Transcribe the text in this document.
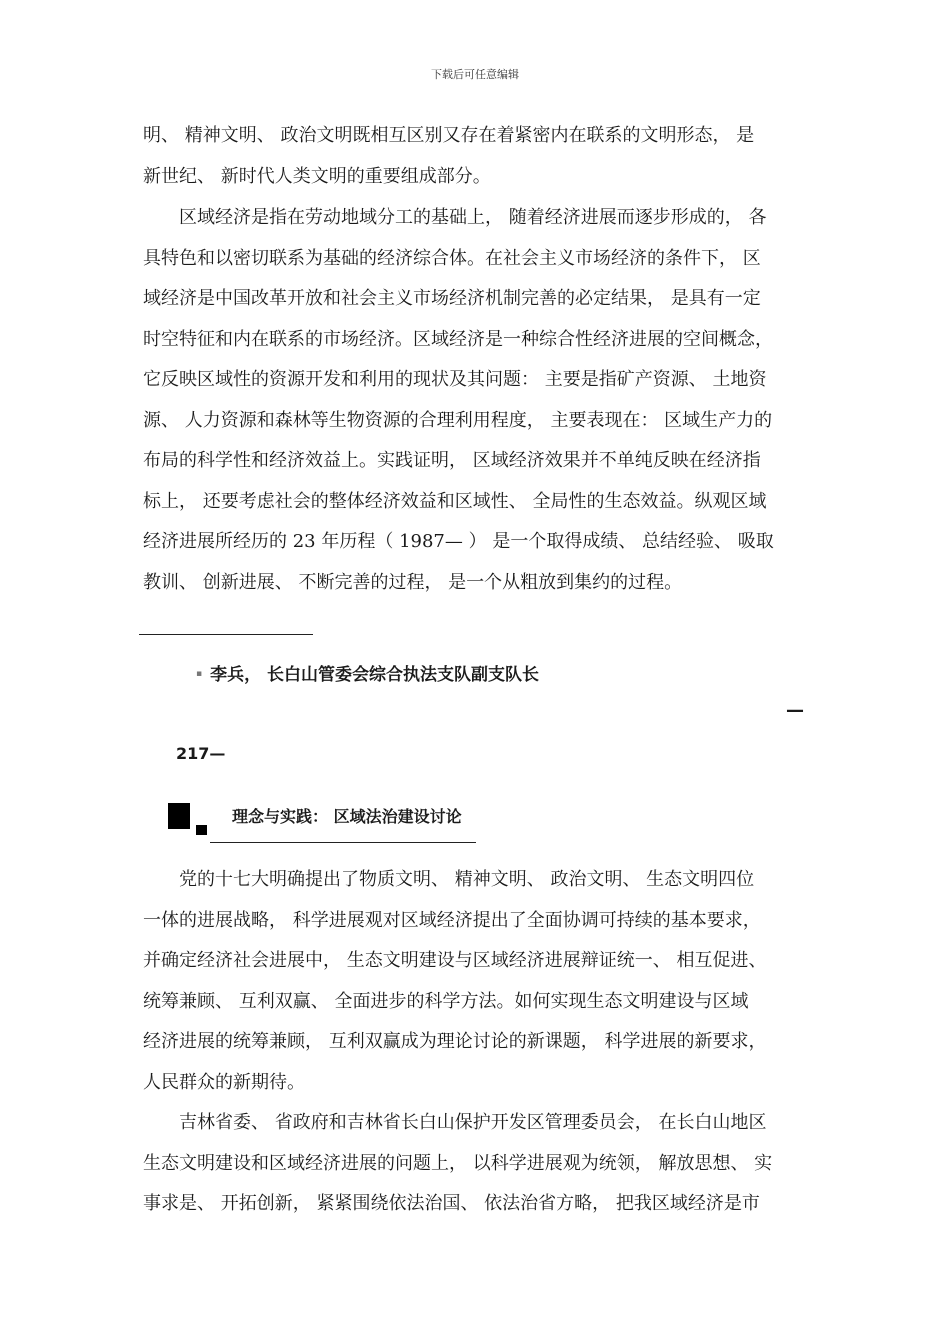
下载后可任意编辑
明、 精神文明、 政治文明既相互区别又存在着紧密内在联系的文明形态， 是
新世纪、 新时代人类文明的重要组成部分。
区域经济是指在劳动地域分工的基础上， 随着经济进展而逐步形成的， 各
具特色和以密切联系为基础的经济综合体。在社会主义市场经济的条件下， 区
域经济是中国改革开放和社会主义市场经济机制完善的必定结果， 是具有一定
时空特征和内在联系的市场经济。区域经济是一种综合性经济进展的空间概念，
它反映区域性的资源开发和利用的现状及其问题： 主要是指矿产资源、 土地资
源、 人力资源和森林等生物资源的合理利用程度， 主要表现在： 区域生产力的
布局的科学性和经济效益上。实践证明， 区域经济效果并不单纯反映在经济指
标上， 还要考虑社会的整体经济效益和区域性、 全局性的生态效益。纵观区域
经济进展所经历的 23 年历程（ 1987— ） 是一个取得成绩、 总结经验、 吸取
教训、 创新进展、 不断完善的过程， 是一个从粗放到集约的过程。
▪ 李兵， 长白山管委会综合执法支队副支队长
—
217—
理念与实践： 区域法治建设讨论
党的十七大明确提出了物质文明、 精神文明、 政治文明、 生态文明四位
一体的进展战略， 科学进展观对区域经济提出了全面协调可持续的基本要求，
并确定经济社会进展中， 生态文明建设与区域经济进展辩证统一、 相互促进、
统筹兼顾、 互利双赢、 全面进步的科学方法。如何实现生态文明建设与区域
经济进展的统筹兼顾， 互利双赢成为理论讨论的新课题， 科学进展的新要求，
人民群众的新期待。
吉林省委、 省政府和吉林省长白山保护开发区管理委员会， 在长白山地区
生态文明建设和区域经济进展的问题上， 以科学进展观为统领， 解放思想、 实
事求是、 开拓创新， 紧紧围绕依法治国、 依法治省方略， 把我区域经济是市
